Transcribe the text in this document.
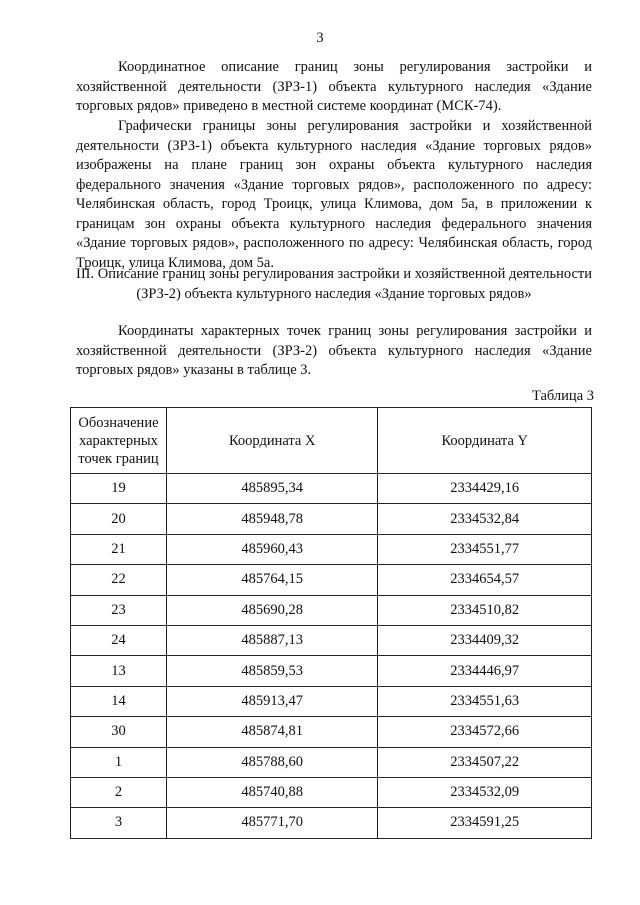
3

Координатное описание границ зоны регулирования застройки и хозяйственной деятельности (ЗРЗ-1) объекта культурного наследия «Здание торговых рядов» приведено в местной системе координат (МСК-74).

Графически границы зоны регулирования застройки и хозяйственной деятельности (ЗРЗ-1) объекта культурного наследия «Здание торговых рядов» изображены на плане границ зон охраны объекта культурного наследия федерального значения «Здание торговых рядов», расположенного по адресу: Челябинская область, город Троицк, улица Климова, дом 5а, в приложении к границам зон охраны объекта культурного наследия федерального значения «Здание торговых рядов», расположенного по адресу: Челябинская область, город Троицк, улица Климова, дом 5а.

III. Описание границ зоны регулирования застройки и хозяйственной деятельности (ЗРЗ-2) объекта культурного наследия «Здание торговых рядов»

Координаты характерных точек границ зоны регулирования застройки и хозяйственной деятельности (ЗРЗ-2) объекта культурного наследия «Здание торговых рядов» указаны в таблице 3.

Таблица 3
Обозначение характерных точек границ	Координата X	Координата Y
19	485895,34	2334429,16
20	485948,78	2334532,84
21	485960,43	2334551,77
22	485764,15	2334654,57
23	485690,28	2334510,82
24	485887,13	2334409,32
13	485859,53	2334446,97
14	485913,47	2334551,63
30	485874,81	2334572,66
1	485788,60	2334507,22
2	485740,88	2334532,09
3	485771,70	2334591,25
